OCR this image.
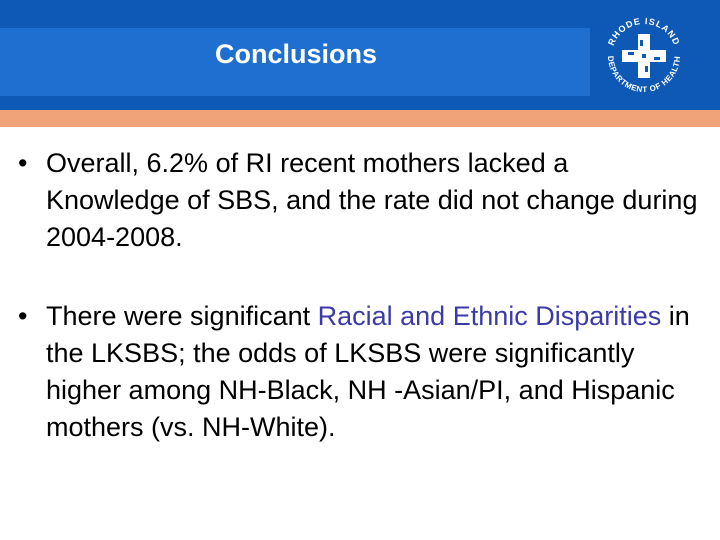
Conclusions	RHODE ISLAND
DEPARTMENT OF HEALTH
• Overall, 6.2% of RI recent mothers lacked a Knowledge of SBS, and the rate did not change during 2004-2008.
• There were significant Racial and Ethnic Disparities in the LKSBS; the odds of LKSBS were significantly higher among NH-Black, NH -Asian/PI, and Hispanic mothers (vs. NH-White).
